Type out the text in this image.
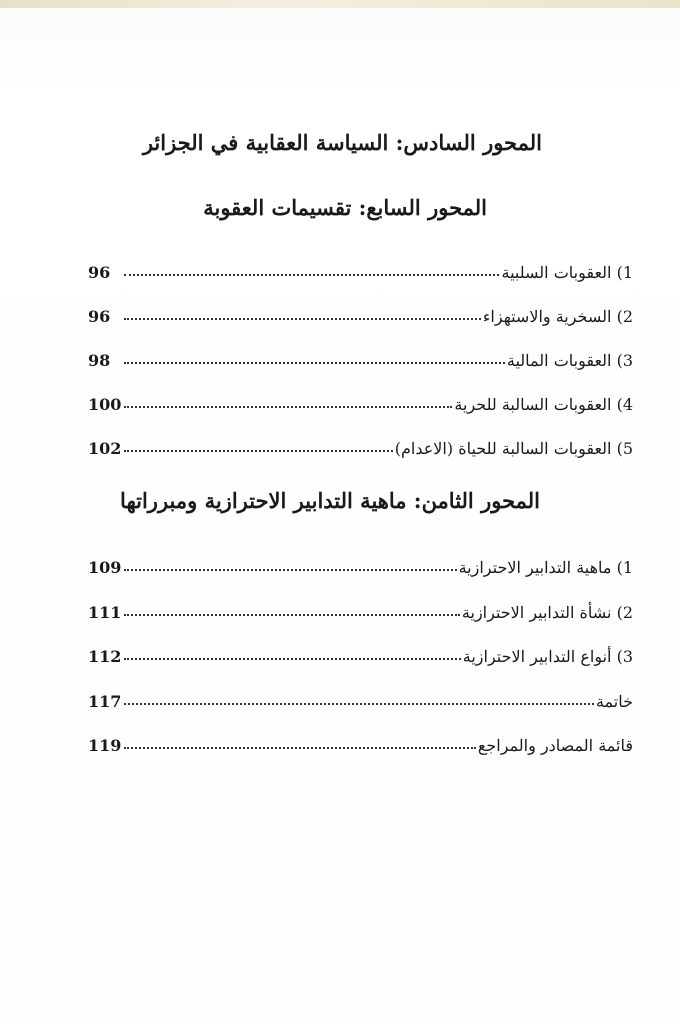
المحور السادس: السياسة العقابية في الجزائر
المحور السابع: تقسيمات العقوبة
1) العقوبات السلبية
96
2) السخرية والاستهزاء
96
3) العقوبات المالية
98
4) العقوبات السالبة للحرية
100
5) العقوبات السالبة للحياة (الاعدام)
102
المحور الثامن: ماهية التدابير الاحترازية ومبرراتها
1) ماهية التدابير الاحترازية
109
2) نشأة التدابير الاحترازية
111
3) أنواع التدابير الاحترازية
112
خاتمة
117
قائمة المصادر والمراجع
119
